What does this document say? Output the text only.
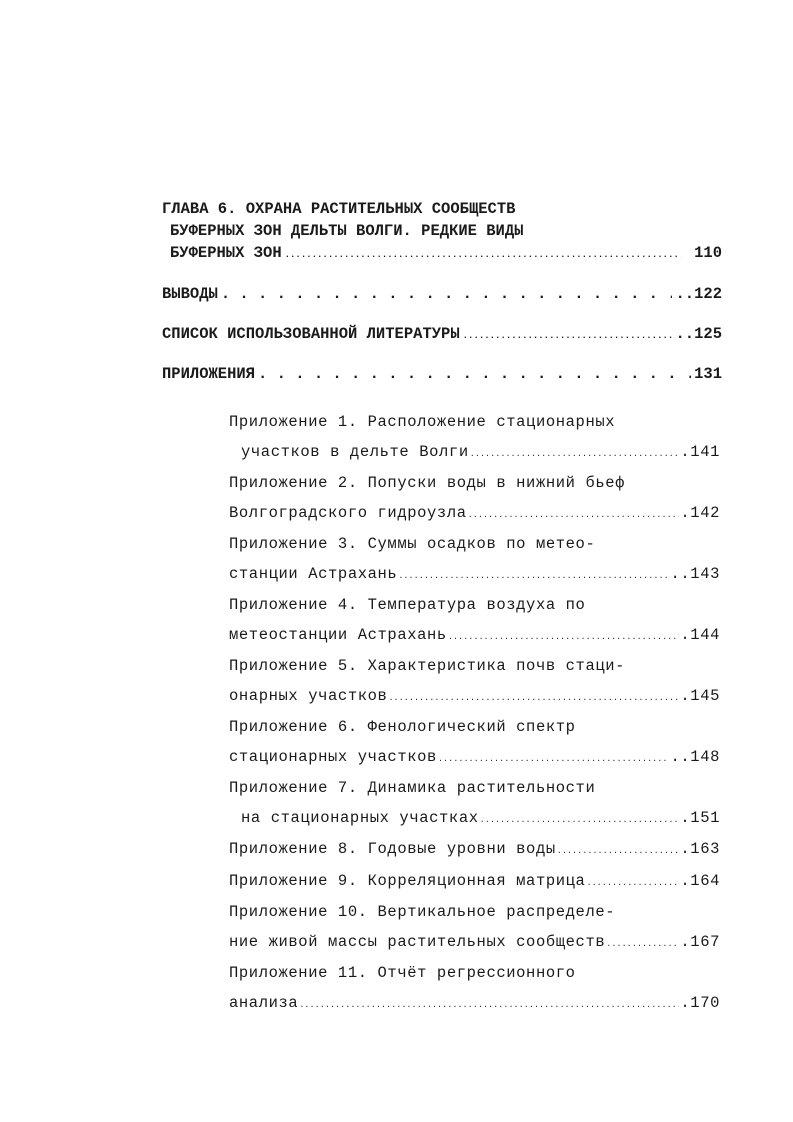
ГЛАВА 6. ОХРАНА РАСТИТЕЛЬНЫХ СООБЩЕСТВ
БУФЕРНЫХ ЗОН ДЕЛЬТЫ ВОЛГИ. РЕДКИЕ ВИДЫ
БУФЕРНЫХ ЗОН .....	110
ВЫВОДЫ . . .	..122
СПИСОК ИСПОЛЬЗОВАННОЙ ЛИТЕРАТУРЫ .....	..125
ПРИЛОЖЕНИЯ . . .	131
Приложение 1. Расположение стационарных
участков в дельте Волги .....	.141
Приложение 2. Попуски воды в нижний бьеф
Волгоградского гидроузла .....	.142
Приложение 3. Суммы осадков по метео-
станции Астрахань .....	..143
Приложение 4. Температура воздуха по
метеостанции Астрахань .....	.144
Приложение 5. Характеристика почв стаци-
онарных участков .....	.145
Приложение 6. Фенологический спектр
стационарных участков .....	..148
Приложение 7. Динамика растительности
на стационарных участках .....	.151
Приложение 8. Годовые уровни воды .....	.163
Приложение 9. Корреляционная матрица .....	.164
Приложение 10. Вертикальное распределе-
ние живой массы растительных сообществ .....	.167
Приложение 11. Отчёт регрессионного
анализа .....	.170
